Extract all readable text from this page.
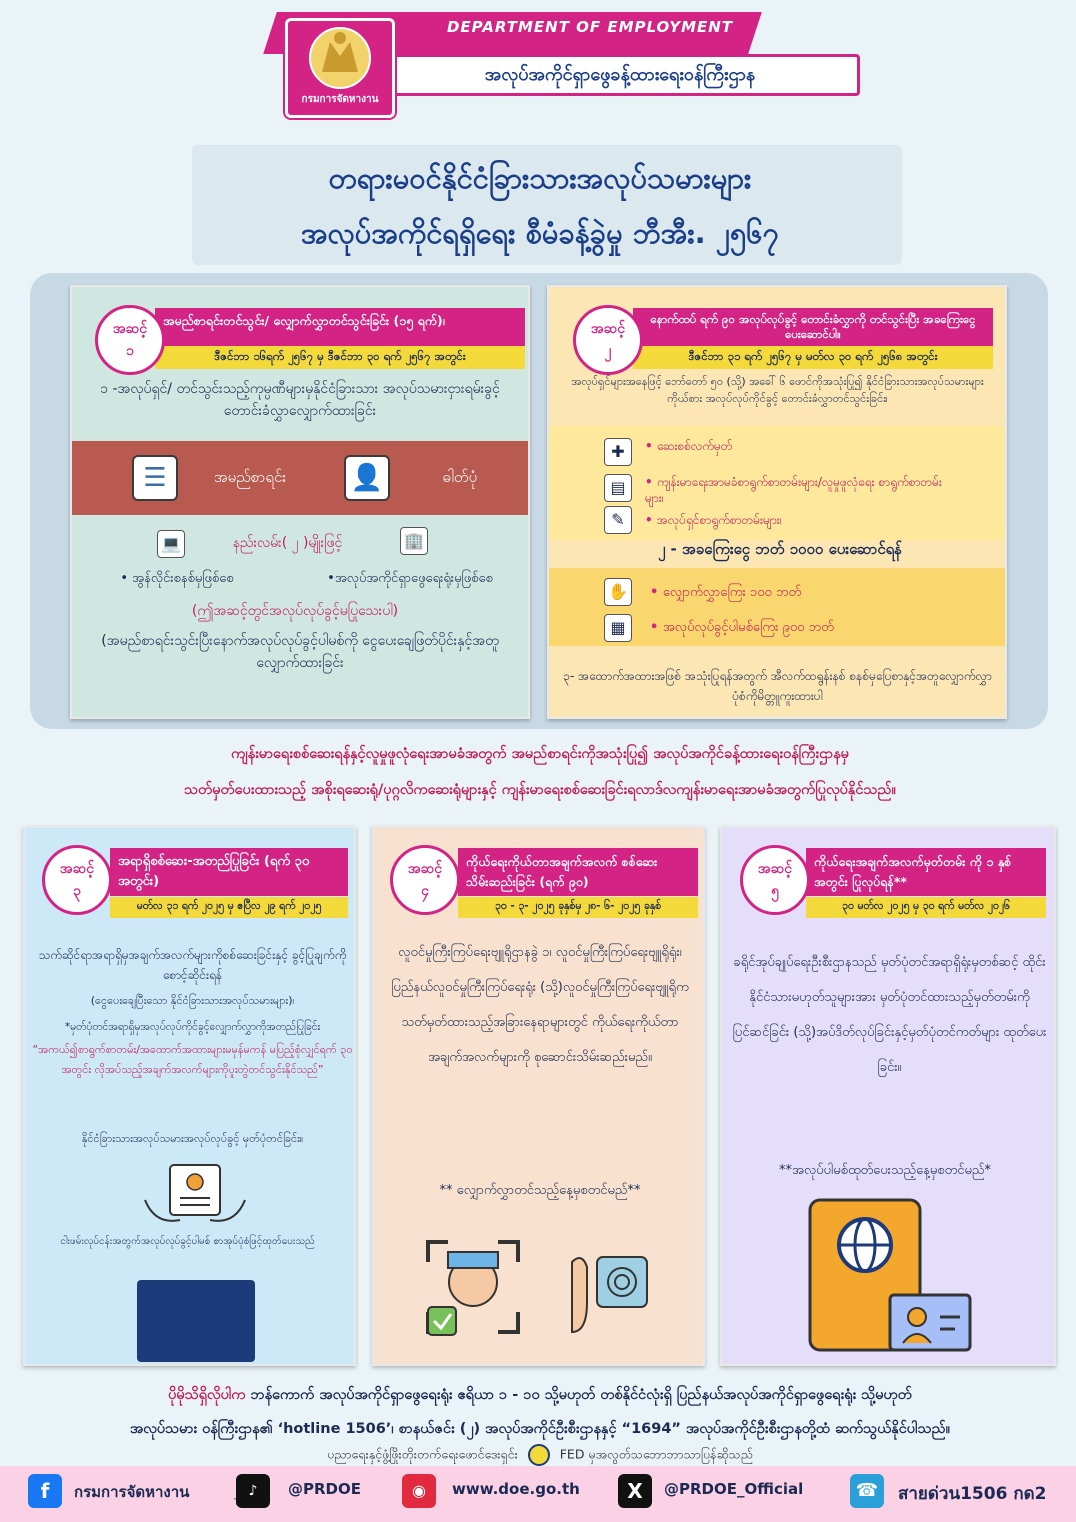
DEPARTMENT OF EMPLOYMENT
အလုပ်အကိုင်ရှာဖွေခန့်ထားရေးဝန်ကြီးဌာန
กรมการจัดหางาน
တရားမဝင်နိုင်ငံခြားသားအလုပ်သမားများ
အလုပ်အကိုင်ရရှိရေး စီမံခန့်ခွဲမှု ဘီအီး. ၂၅၆၇
အမည်စာရင်းတင်သွင်း/ လျှောက်လွှာတင်သွင်းခြင်း (၁၅ ရက်)၊
ဒီဇင်ဘာ ၁၆ရက် ၂၅၆၇ မှ ဒီဇင်ဘာ ၃၀ ရက် ၂၅၆၇ အတွင်း
အဆင့်
၁
၁ -အလုပ်ရှင်/ တင်သွင်းသည့်ကုမ္ပဏီများမှနိုင်ငံခြားသား အလုပ်သမားငှားရမ်းခွင့်တောင်းခံလွှာလျှောက်ထားခြင်း
☰	အမည်စာရင်း	👤	ဓါတ်ပုံ
💻	နည်းလမ်း( ၂ )မျိုးဖြင့်	🏢
• အွန်လိုင်းစနစ်မှဖြစ်စေ	•အလုပ်အကိုင်ရှာဖွေရေးရုံးမှဖြစ်စေ
(ဤအဆင့်တွင်အလုပ်လုပ်ခွင့်မပြုသေးပါ)
(အမည်စာရင်းသွင်းပြီးနောက်အလုပ်လုပ်ခွင့်ပါမစ်ကို ငွေပေးချေဖြတ်ပိုင်းနှင့်အတူလျှောက်ထားခြင်း
နောက်ထပ် ရက် ၉၀ အလုပ်လုပ်ခွင့် တောင်းခံလွှာကို တင်သွင်းပြီး အခကြေးငွေ ပေးဆောင်ပါ။
ဒီဇင်ဘာ ၃၁ ရက် ၂၅၆၇ မှ မတ်လ ၃၀ ရက် ၂၅၆၈ အတွင်း
အဆင့်
၂
အလုပ်ရှင်များအနေဖြင့် ဘော်တော် ၅၀ (သို့) အခေါ် ၆ ဖောင်ကိုအသုံးပြု၍ နိုင်ငံခြားသားအလုပ်သမားများကိုယ်စား အလုပ်လုပ်ကိုင်ခွင့် တောင်းခံလွှာတင်သွင်းခြင်း၊
✚	• ဆေးစစ်လက်မှတ်
▤	• ကျန်းမာရေးအာမခံစာရွက်စာတမ်းများ/လူမှုဖူလုံရေး စာရွက်စာတမ်းများ၊
✎	• အလုပ်ရှင်စာရွက်စာတမ်းများ၊
၂ - အခကြေးငွေ ဘတ် ၁၀၀၀ ပေးဆောင်ရန်
✋	• လျှောက်လွှာကြေး ၁၀၀ ဘတ်
▦	• အလုပ်လုပ်ခွင့်ပါမစ်ကြေး ၉၀၀ ဘတ်
၃- အထောက်အထားအဖြစ် အသုံးပြုရန်အတွက် အီလက်ထရွန်းနစ် စနစ်မှပြေစာနှင့်အတူလျှောက်လွှာပုံစံကိုမိတ္တူကူးထားပါ
ကျန်းမာရေးစစ်ဆေးရန်နှင့်လူမှုဖူလုံရေးအာမခံအတွက် အမည်စာရင်းကိုအသုံးပြု၍ အလုပ်အကိုင်ခန့်ထားရေးဝန်ကြီးဌာနမှ
သတ်မှတ်ပေးထားသည့် အစိုးရဆေးရုံ/ပုဂ္ဂလိကဆေးရုံများနှင့် ကျန်းမာရေးစစ်ဆေးခြင်းရလာဒ်လကျန်းမာရေးအာမခံအတွက်ပြုလုပ်နိုင်သည်။
အရာရှိစစ်ဆေး-အတည်ပြုခြင်း (ရက် ၃၀ အတွင်း)
မတ်လ ၃၁ ရက် ၂၀၂၅ မှ ဧပြီလ ၂၉ ရက် ၂၀၂၅
အဆင့်
၃
သက်ဆိုင်ရာအရာရှိမှအချက်အလက်များကိုစစ်ဆေးခြင်းနှင့် ခွင့်ပြုချက်ကိုစောင့်ဆိုင်းရန်
(ငွေပေးချေပြီးသော နိုင်ငံခြားသားအလုပ်သမားများ)၊
*မှတ်ပုံတင်အရာရှိမှအလုပ်လုပ်ကိုင်ခွင့်လျှောက်လွှာကိုအတည်ပြုခြင်း
“အကယ်၍စာရွက်စာတမ်း/အထောက်အထားများမမှန်မကန် မပြည့်စုံလျှင်ရက် ၃၀ အတွင်း လိုအပ်သည့်အချက်အလက်များကိုပူးတွဲတင်သွင်းနိုင်သည်”
နိုင်ငံခြားသားအလုပ်သမားအလုပ်လုပ်ခွင့် မှတ်ပုံတင်ခြင်း။
ငါးဖမ်းလုပ်ငန်းအတွက်အလုပ်လုပ်ခွင့်ပါမစ် စာအုပ်ပုံစံဖြင့်ထုတ်ပေးသည်
ကိုယ်ရေးကိုယ်တာအချက်အလက် စစ်ဆေးသိမ်းဆည်းခြင်း (ရက် ၉၀)
၃၀ - ၃- ၂၀၂၅ ခုနှစ်မှ ၂၈- ၆- ၂၀၂၅ ခုနှစ်
အဆင့်
၄
လူဝင်မှုကြီးကြပ်ရေးဗျူရိုဌာနခွဲ ၁၊ လူဝင်မှုကြီးကြပ်ရေးဗျူရိုရုံး၊ ပြည်နယ်လူဝင်မှုကြီးကြပ်ရေးရုံး (သို့)လူဝင်မှုကြီးကြပ်ရေးဗျူရိုက သတ်မှတ်ထားသည့်အခြားနေရာများတွင် ကိုယ်ရေးကိုယ်တာအချက်အလက်များကို စုဆောင်းသိမ်းဆည်းမည်။
** လျှောက်လွှာတင်သည့်နေ့မှစတင်မည်**
ကိုယ်ရေးအချက်အလက်မှတ်တမ်း ကို ၁ နှစ်အတွင်း ပြုလုပ်ရန်**
၃၀ မတ်လ ၂၀၂၅ မှ ၃၀ ရက် မတ်လ ၂၀၂၆
အဆင့်
၅
ခရိုင်အုပ်ချုပ်ရေးဦးစီးဌာနသည် မှတ်ပုံတင်အရာရှိရုံးမှတစ်ဆင့် ထိုင်းနိုင်ငံသားမဟုတ်သူများအား မှတ်ပုံတင်ထားသည့်မှတ်တမ်းကို ပြင်ဆင်ခြင်း (သို့)အပ်ဒိတ်လုပ်ခြင်းနှင့်မှတ်ပုံတင်ကတ်များ ထုတ်ပေးခြင်း။
**အလုပ်ပါမစ်ထုတ်ပေးသည့်နေ့မှစတင်မည်*
ပိုမိုသိရှိလိုပါက ဘန်ကောက် အလုပ်အကိုင်ရှာဖွေရေးရုံး ဧရိယာ ၁ - ၁၀ သို့မဟုတ် တစ်နိုင်ငံလုံးရှိ ပြည်နယ်အလုပ်အကိုင်ရှာဖွေရေးရုံး သို့မဟုတ်
အလုပ်သမား ဝန်ကြီးဌာန၏ ‘hotline 1506’၊ စာနယ်ဇင်း (၂) အလုပ်အကိုင်ဦးစီးဌာနနှင့် “1694” အလုပ်အကိုင်ဦးစီးဌာနတို့ထံ ဆက်သွယ်နိုင်ပါသည်။
ပညာရေးနှင့်ဖွံ့ဖြိုးတိုးတက်ရေးဖောင်ဒေးရှင်း	FED မှအလွတ်သဘောဘာသာပြန်ဆိုသည်
f	กรมการจัดหางาน	♪
TikTok
@PRDOE	◉	www.doe.go.th	X	@PRDOE_Official	☎	สายด่วน1506 กด2
